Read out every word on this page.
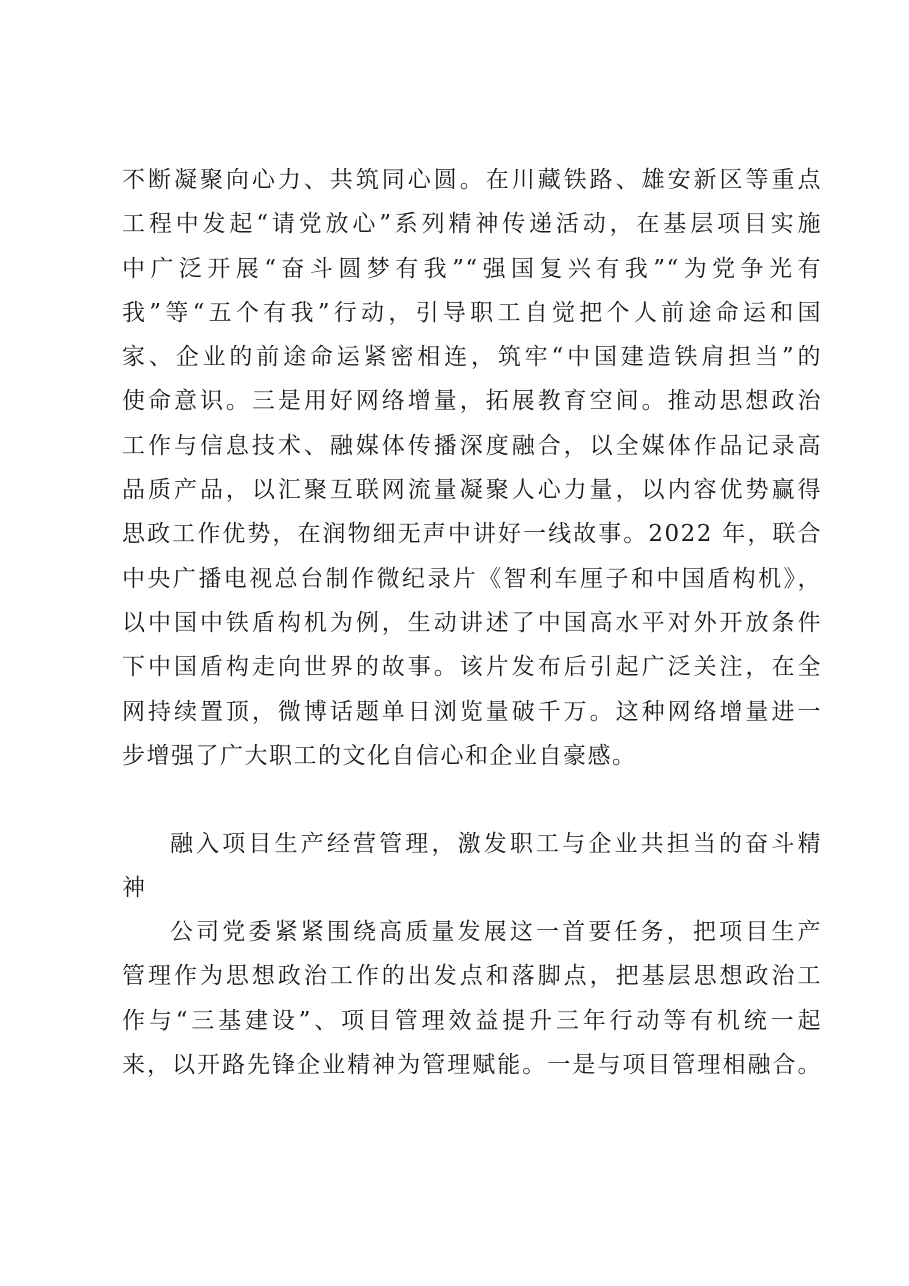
不断凝聚向心力、共筑同心圆。在川藏铁路、雄安新区等重点
工程中发起“请党放心”系列精神传递活动，在基层项目实施
中广泛开展“奋斗圆梦有我”“强国复兴有我”“为党争光有
我”等“五个有我”行动，引导职工自觉把个人前途命运和国
家、企业的前途命运紧密相连，筑牢“中国建造铁肩担当”的
使命意识。三是用好网络增量，拓展教育空间。推动思想政治
工作与信息技术、融媒体传播深度融合，以全媒体作品记录高
品质产品，以汇聚互联网流量凝聚人心力量，以内容优势赢得
思政工作优势，在润物细无声中讲好一线故事。2022 年，联合
中央广播电视总台制作微纪录片《智利车厘子和中国盾构机》，
以中国中铁盾构机为例，生动讲述了中国高水平对外开放条件
下中国盾构走向世界的故事。该片发布后引起广泛关注，在全
网持续置顶，微博话题单日浏览量破千万。这种网络增量进一
步增强了广大职工的文化自信心和企业自豪感。
融入项目生产经营管理，激发职工与企业共担当的奋斗精
神
公司党委紧紧围绕高质量发展这一首要任务，把项目生产
管理作为思想政治工作的出发点和落脚点，把基层思想政治工
作与“三基建设”、项目管理效益提升三年行动等有机统一起
来，以开路先锋企业精神为管理赋能。一是与项目管理相融合。
